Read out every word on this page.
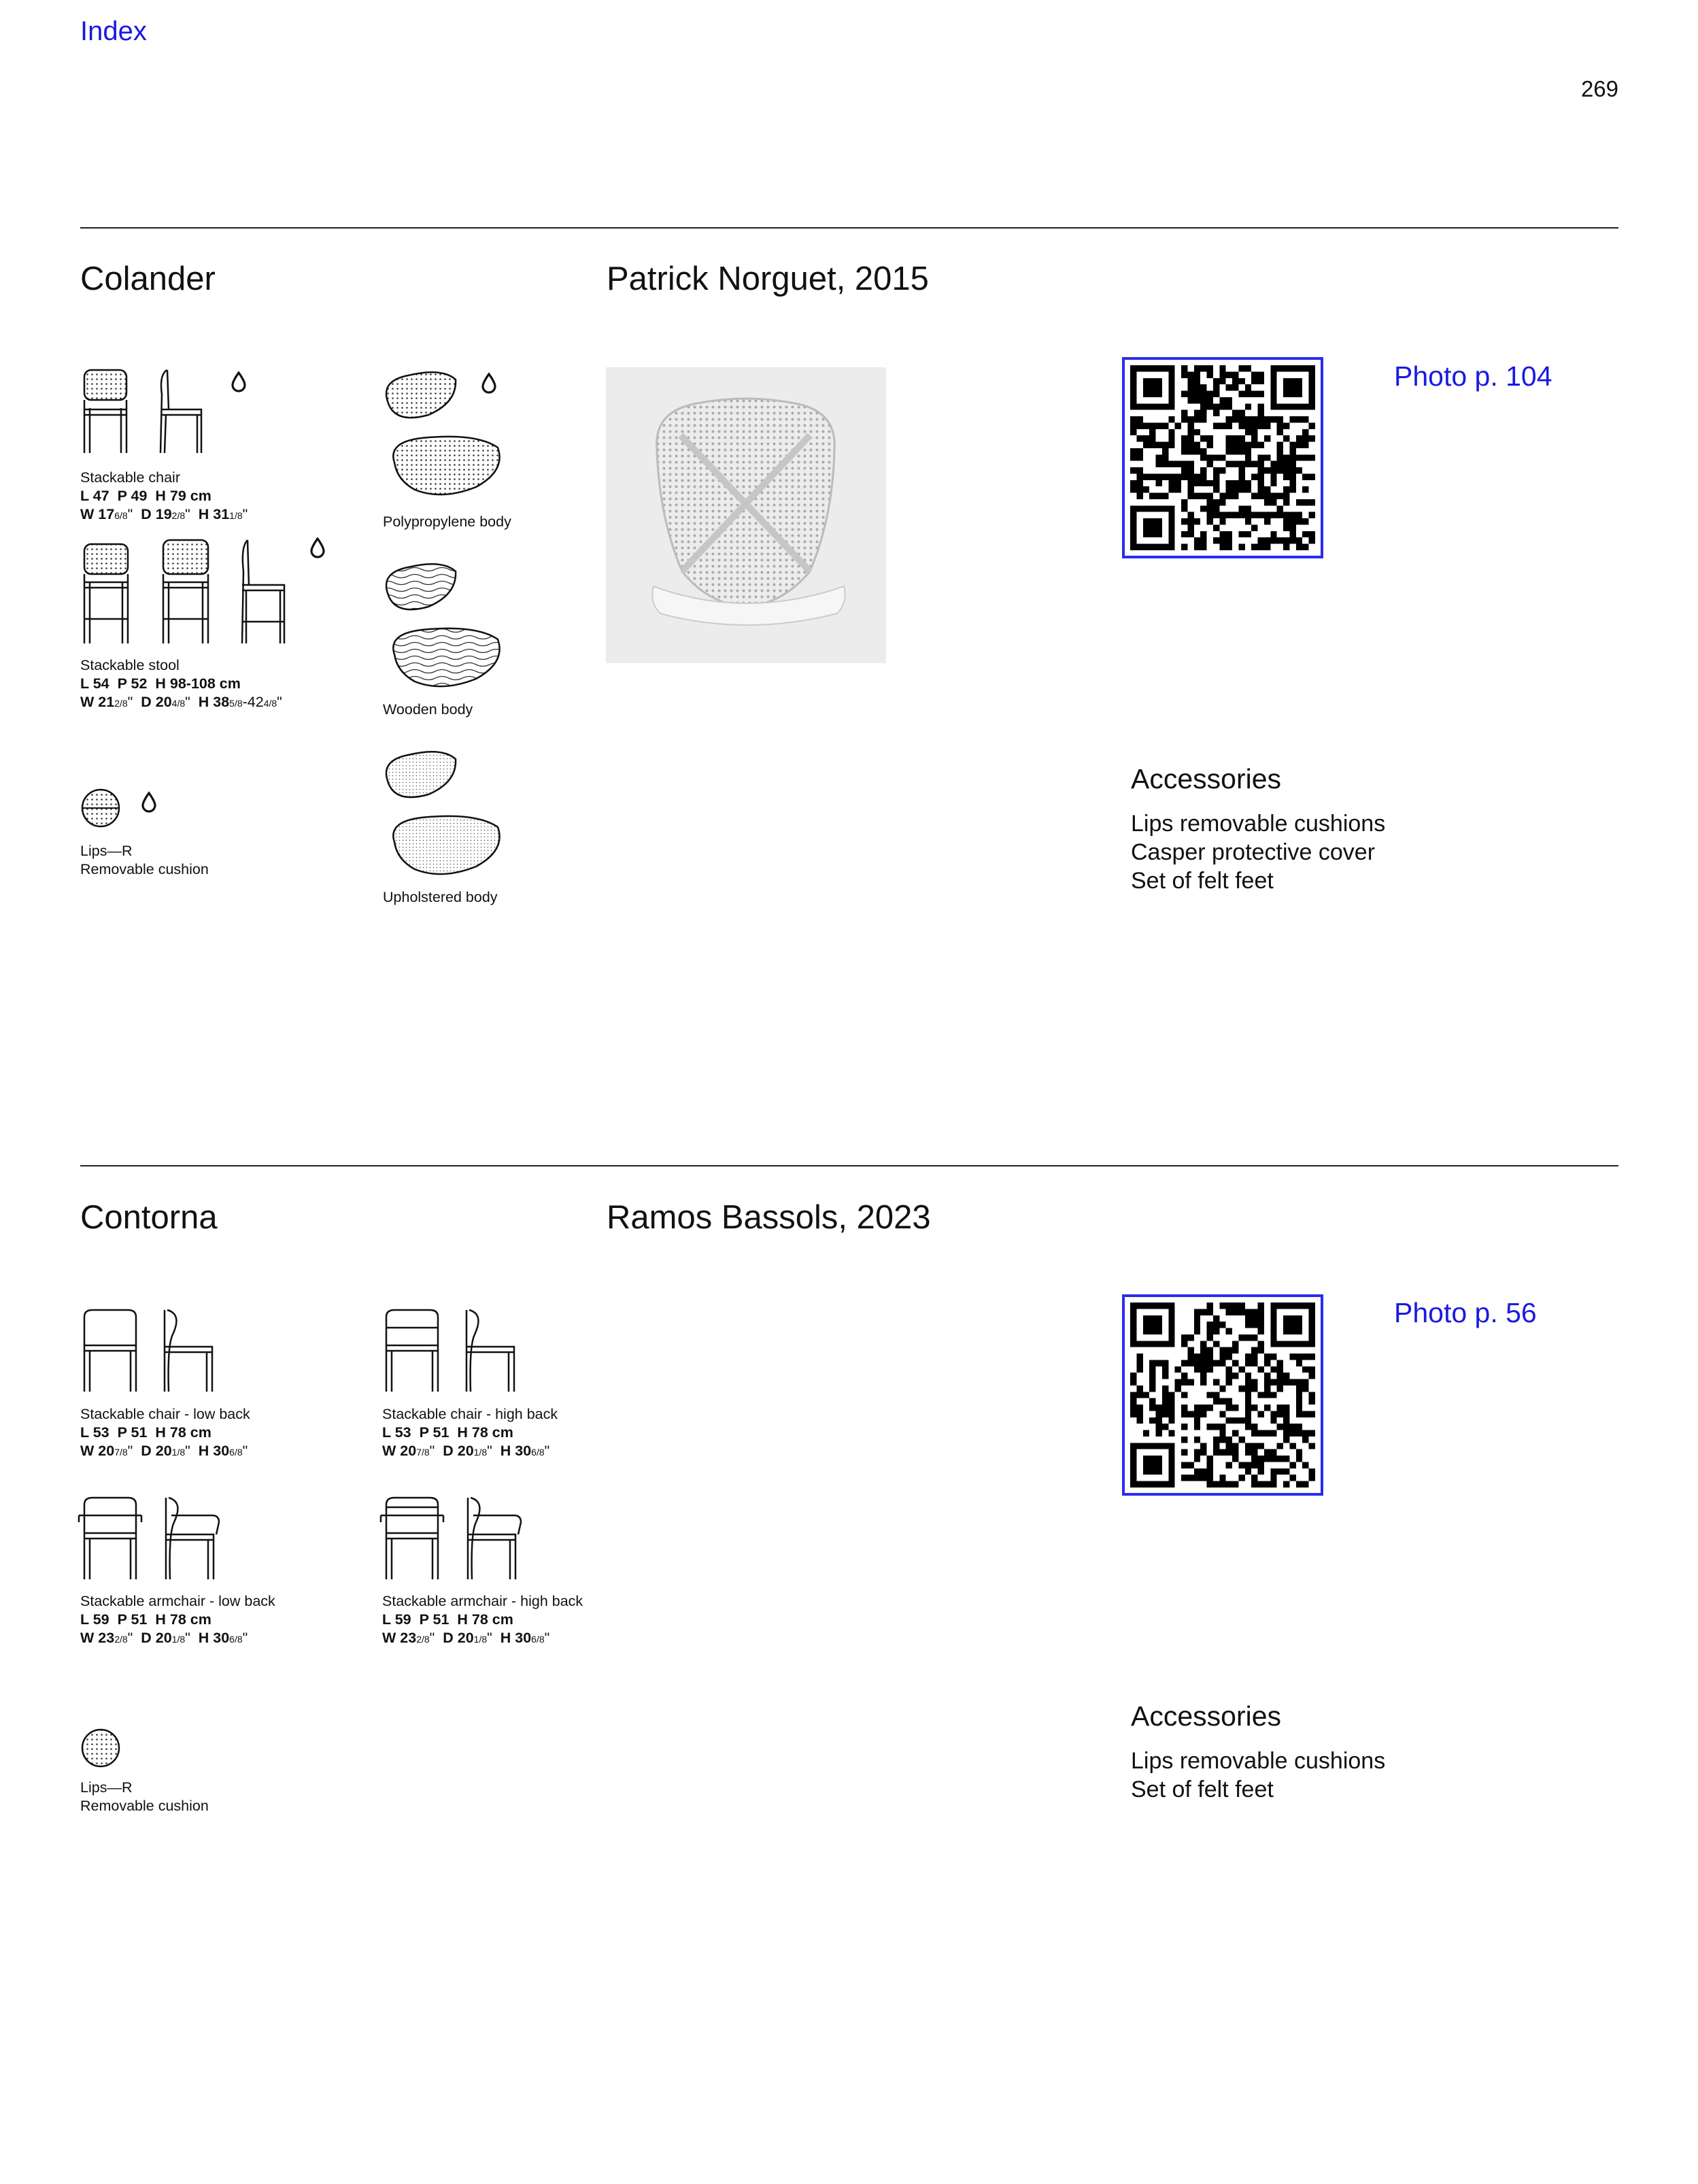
Index
269
Colander	Patrick Norguet, 2015
Stackable chair
L 47 P 49 H 79 cm
W 176/8" D 192/8" H 311/8"
Stackable stool
L 54 P 52 H 98-108 cm
W 212/8" D 204/8" H 385/8-424/8"
Lips—R
Removable cushion
Polypropylene body
Wooden body
Upholstered body
Photo p. 104
Accessories
Lips removable cushions
Casper protective cover
Set of felt feet
Contorna	Ramos Bassols, 2023
Stackable chair - low back
L 53 P 51 H 78 cm
W 207/8" D 201/8" H 306/8"
Stackable chair - high back
L 53 P 51 H 78 cm
W 207/8" D 201/8" H 306/8"
Stackable armchair - low back
L 59 P 51 H 78 cm
W 232/8" D 201/8" H 306/8"
Stackable armchair - high back
L 59 P 51 H 78 cm
W 232/8" D 201/8" H 306/8"
Lips—R
Removable cushion
Photo p. 56
Accessories
Lips removable cushions
Set of felt feet
